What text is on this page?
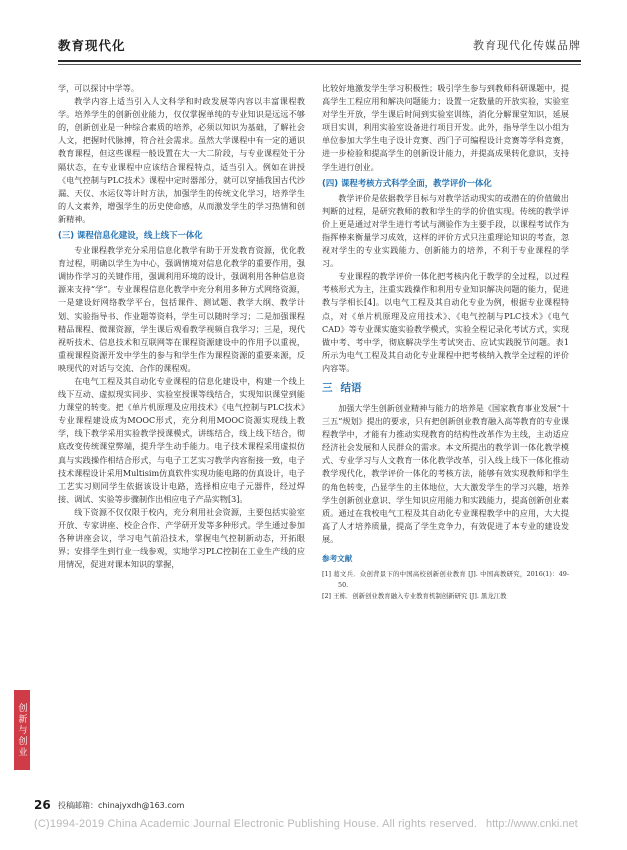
教育现代化	教育现代化传媒品牌

学，可以探讨中学等。

教学内容上适当引入人文科学和时政发展等内容以丰富课程教学。培养学生的创新创业能力，仅仅掌握单纯的专业知识是远远不够的，创新创业是一种综合素质的培养，必须以知识为基础，了解社会人文，把握时代脉搏，符合社会需求。虽然大学课程中有一定的通识教育课程，但这些课程一般设置在大一大二阶段，与专业课程处于分隔状态，在专业课程中应该结合课程特点，适当引入。例如在讲授《电气控制与PLC技术》课程中定时器部分，就可以穿插我国古代沙漏、天仪、水运仪等计时方法，加强学生的传统文化学习，培养学生的人文素养，增强学生的历史使命感，从而激发学生的学习热情和创新精神。

(三) 课程信息化建设，线上线下一体化

专业课程教学充分采用信息化教学有助于开发教育资源，优化教育过程，明确以学生为中心，强调情境对信息化教学的重要作用，强调协作学习的关键作用，强调利用环境的设计，强调利用各种信息资源来支持“学”。专业课程信息化教学中充分利用多种方式网络资源，一是建设好网络教学平台，包括课件、测试题、教学大纲、教学计划、实验指导书、作业题等资料，学生可以随时学习；二是加强课程精品课程、微课资源，学生课后观看教学视频自我学习；三是，现代视听技术、信息技术和互联网等在课程资源建设中的作用予以重视，重视课程资源开发中学生的参与和学生作为课程资源的重要来源，反映现代的对话与交流、合作的课程观。

在电气工程及其自动化专业课程的信息化建设中，构建一个线上线下互动、虚拟现实同步、实验室授课等线结合，实现知识课堂到能力课堂的转变。把《单片机原理及应用技术》《电气控制与PLC技术》专业课程建设成为MOOC形式，充分利用MOOC资源实现线上教学，线下教学采用实验教学授课模式，讲练结合，线上线下结合，彻底改变传统课堂弊端，提升学生动手能力。电子技术课程采用虚拟仿真与实践操作相结合形式，与电子工艺实习教学内容衔接一致，电子技术课程设计采用Multisim仿真软件实现功能电路的仿真设计，电子工艺实习则同学生依据该设计电路，选择相应电子元器件，经过焊接、调试、实验等步骤制作出相应电子产品实物[3]。

线下资源不仅仅限于校内，充分利用社会资源，主要包括实验室开放、专家讲座、校企合作、产学研开发等多种形式。学生通过参加各种讲座会议，学习电气前沿技术，掌握电气控制新动态，开拓眼界；安排学生到行业一线参观，实地学习PLC控制在工业生产线的应用情况，促进对课本知识的掌握，

比较好地激发学生学习积极性；吸引学生参与到教师科研课题中，提高学生工程应用和解决问题能力；设置一定数量的开放实验，实验室对学生开放，学生课后时间到实验室训练，消化分解课堂知识，延展项目实训，利用实验室设备进行项目开发。此外，指导学生以小组为单位参加大学生电子设计竞赛、西门子可编程设计竞赛等学科竞赛，进一步检验和提高学生的创新设计能力，并提高成果转化意识，支持学生进行创业。

(四) 课程考核方式科学全面，教学评价一体化

教学评价是依据教学目标与对教学活动现实的或潜在的价值做出判断的过程，是研究教师的教和学生的学的价值实现。传统的教学评价上更是通过对学生进行考试与测验作为主要手段，以课程考试作为指挥棒来衡量学习成效，这样的评价方式只注重理论知识的考查，忽视对学生的专业实践能力、创新能力的培养，不利于专业课程的学习。

专业课程的教学评价一体化把考核内化于教学的全过程，以过程考核形式为主，注重实践操作和利用专业知识解决问题的能力，促进教与学相长[4]。以电气工程及其自动化专业为例，根据专业课程特点，对《单片机原理及应用技术》、《电气控制与PLC技术》《电气CAD》等专业课实施实验教学模式，实验全程记录化考试方式，实现做中考、考中学，彻底解决学生考试突击、应试实践脱节问题。表1所示为电气工程及其自动化专业课程中把考核纳入教学全过程的评价内容等。

三 结语

加强大学生创新创业精神与能力的培养是《国家教育事业发展“十三五”规划》提出的要求，只有把创新创业教育融入高等教育的专业课程教学中，才能有力推动实现教育的结构性改革作为主线，主动适应经济社会发展和人民群众的需求。本文所提出的教学训一体化教学模式、专业学习与人文教育一体化教学改革，引入线上线下一体化推动教学现代化，教学评价一体化的考核方法，能够有效实现教师和学生的角色转变，凸显学生的主体地位，大大激发学生的学习兴趣，培养学生创新创业意识、学生知识应用能力和实践能力，提高创新创业素质。通过在我校电气工程及其自动化专业课程教学中的应用，大大提高了人才培养质量，提高了学生竞争力，有效促进了本专业的建设发展。

参考文献
[1] 葛文兵．众创背景下的中国高校创新创业教育 [J]. 中国高教研究，2016(1)：49-50.
[2] 王栋．创新创业教育融入专业教育机制创新研究 [J]. 黑龙江教
创新与创业
26 投稿邮箱：chinajyxdh@163.com
(C)1994-2019 China Academic Journal Electronic Publishing House. All rights reserved. http://www.cnki.net
